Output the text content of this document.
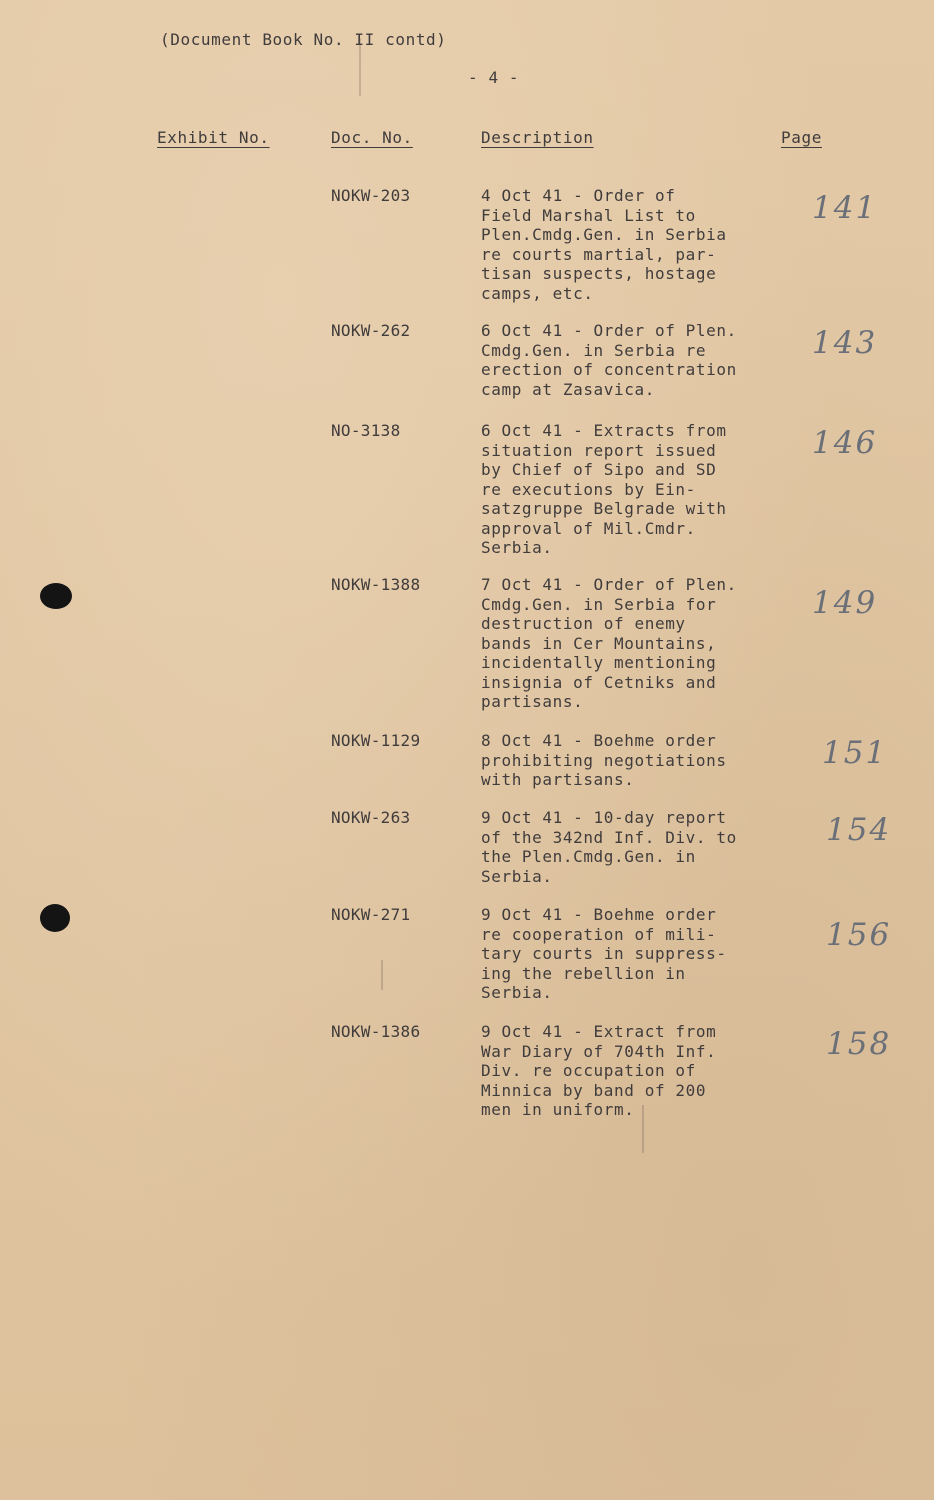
(Document Book No. II contd)
- 4 -
Exhibit No.	Doc. No.	Description	Page
NOKW-203	4 Oct 41 - Order of
Field Marshal List to
Plen.Cmdg.Gen. in Serbia
re courts martial, par-
tisan suspects, hostage
camps, etc.
141
NOKW-262	6 Oct 41 - Order of Plen.
Cmdg.Gen. in Serbia re
erection of concentration
camp at Zasavica.
143
NO-3138	6 Oct 41 - Extracts from
situation report issued
by Chief of Sipo and SD
re executions by Ein-
satzgruppe Belgrade with
approval of Mil.Cmdr.
Serbia.
146
NOKW-1388	7 Oct 41 - Order of Plen.
Cmdg.Gen. in Serbia for
destruction of enemy
bands in Cer Mountains,
incidentally mentioning
insignia of Cetniks and
partisans.
149
NOKW-1129	8 Oct 41 - Boehme order
prohibiting negotiations
with partisans.
151
NOKW-263	9 Oct 41 - 10-day report
of the 342nd Inf. Div. to
the Plen.Cmdg.Gen. in
Serbia.
154
NOKW-271	9 Oct 41 - Boehme order
re cooperation of mili-
tary courts in suppress-
ing the rebellion in
Serbia.
156
NOKW-1386	9 Oct 41 - Extract from
War Diary of 704th Inf.
Div. re occupation of
Minnica by band of 200
men in uniform.
158
